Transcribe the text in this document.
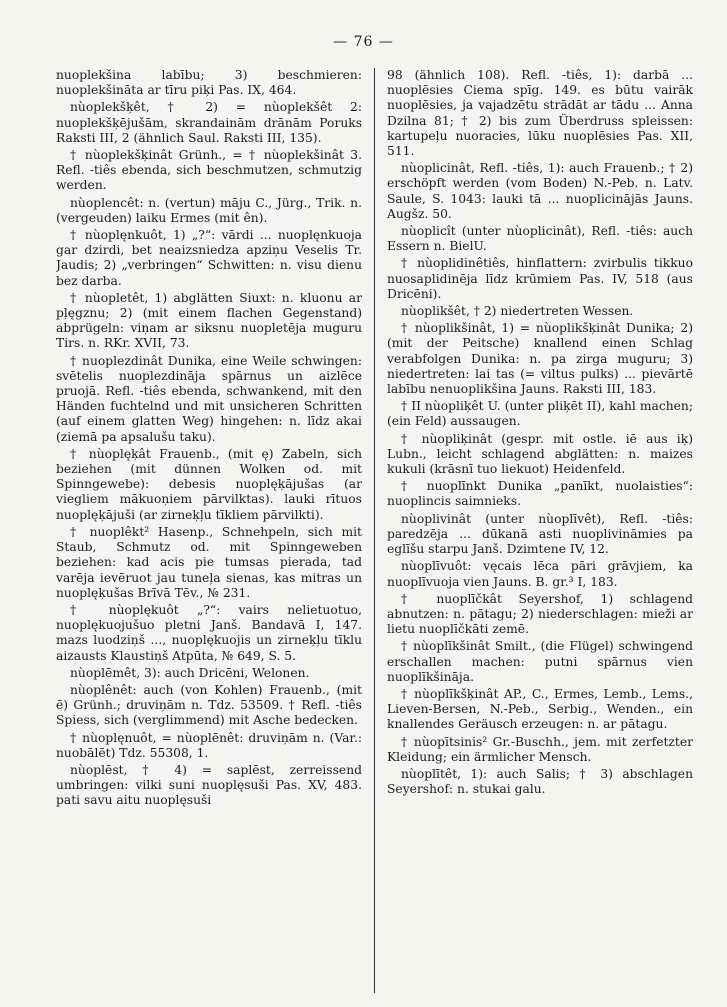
— 76 —

nuoplekšina labību; 3) beschmieren: nuoplekšināta ar tīru piķi Pas. IX, 464.

nùoplekšķêt, † 2) = nùoplekšêt 2: nuoplekšķējušām, skrandainām drānām Poruks Raksti III, 2 (ähnlich Saul. Raksti III, 135).

† nùoplekšķinât Grünh., = † nùoplekšinât 3. Refl. -tiês ebenda, sich beschmutzen, schmutzig werden.

nùoplencêt: n. (vertun) māju C., Jürg., Trik. n. (vergeuden) laiku Ermes (mit ên).

† nùoplęnkuôt, 1) „?“: vārdi ... nuoplęnkuoja gar dzirdi, bet neaizsniedza apziņu Veselis Tr. Jaudis; 2) „verbringen“ Schwitten: n. visu dienu bez darba.

† nùopletêt, 1) abglätten Siuxt: n. kluonu ar pļęgznu; 2) (mit einem flachen Gegenstand) abprügeln: viņam ar siksnu nuopletēja muguru Tirs. n. RKr. XVII, 73.

† nuoplezdinât Dunika, eine Weile schwingen: svētelis nuoplezdināja spārnus un aizlēce pruojā. Refl. -tiês ebenda, schwankend, mit den Händen fuchtelnd und mit unsicheren Schritten (auf einem glatten Weg) hingehen: n. līdz akai (ziemā pa apsalušu taku).

† nùoplęķât Frauenb., (mit ę) Zabeln, sich beziehen (mit dünnen Wolken od. mit Spinngewebe): debesis nuoplęķājušas (ar viegliem mākuoņiem pārvilktas). lauki rītuos nuoplęķājuši (ar zirneķļu tīkliem pārvilkti).

† nuoplêkt² Hasenp., Schnehpeln, sich mit Staub, Schmutz od. mit Spinngeweben beziehen: kad acis pie tumsas pierada, tad varēja ievēruot jau tuneļa sienas, kas mitras un nuoplęķušas Brīvā Tēv., № 231.

† nùoplękuôt „?“: vairs nelietuotuo, nuoplękuojušuo pletni Janš. Bandavā I, 147. mazs luodziņš ..., nuoplękuojis un zirneķļu tīklu aizausts Klaustiņš Atpūta, № 649, S. 5.

nùoplēmêt, 3): auch Dricēni, Welonen.

nùoplênêt: auch (von Kohlen) Frauenb., (mit ē) Grünh.; druviņām n. Tdz. 53509. † Refl. -tiês Spiess, sich (verglimmend) mit Asche bedecken.

† nùoplęnuôt, = nùoplēnêt: druviņām n. (Var.: nuobālēt) Tdz. 55308, 1.

nùoplēst, † 4) = saplēst, zerreissend umbringen: vilki suni nuoplęsuši Pas. XV, 483. pati savu aitu nuoplęsuši

98 (ähnlich 108). Refl. -tiês, 1): darbā ... nuoplēsies Ciema spīg. 149. es būtu vairāk nuoplēsies, ja vajadzētu strādāt ar tādu ... Anna Dzilna 81; † 2) bis zum Überdruss spleissen: kartupeļu nuoracies, lūku nuoplēsies Pas. XII, 511.

nùoplicinât, Refl. -tiês, 1): auch Frauenb.; † 2) erschöpft werden (vom Boden) N.-Peb. n. Latv. Saule, S. 1043: lauki tā ... nuoplicinājās Jauns. Augšz. 50.

nùoplicît (unter nùoplicinât), Refl. -tiês: auch Essern n. BielU.

† nùoplidinêtiês, hinflattern: zvirbulis tikkuo nuosaplidinēja līdz krūmiem Pas. IV, 518 (aus Dricēni).

nùoplikšêt, † 2) niedertreten Wessen.

† nùoplikšinât, 1) = nùoplikšķinât Dunika; 2) (mit der Peitsche) knallend einen Schlag verabfolgen Dunika: n. pa zirga muguru; 3) niedertreten: lai tas (= viltus pulks) ... pievārtē labību nenuoplikšina Jauns. Raksti III, 183.

† II nùopliķêt U. (unter pliķēt II), kahl machen; (ein Feld) aussaugen.

† nùopliķinât (gespr. mit ostle. iē aus iķ) Lubn., leicht schlagend abglätten: n. maizes kukuli (krāsnī tuo liekuot) Heidenfeld.

† nuoplīnkt Dunika „panīkt, nuolaisties“: nuoplincis saimnieks.

nùoplivinât (unter nùoplīvêt), Refl. -tiês: paredzēja ... dūkanā asti nuoplivināmies pa eglīšu starpu Janš. Dzimtene IV, 12.

nùoplīvuôt: vęcais lēca pāri grāvjiem, ka nuoplīvuoja vien Jauns. B. gr.³ I, 183.

† nuoplīčkât Seyershof, 1) schlagend abnutzen: n. pātagu; 2) niederschlagen: mieži ar lietu nuoplīčkāti zemē.

† nùoplīkšinât Smilt., (die Flügel) schwingend erschallen machen: putni spārnus vien nuoplīkšināja.

† nùoplīkšķinât AP., C., Ermes, Lemb., Lems., Lieven-Bersen, N.-Peb., Serbig., Wenden., ein knallendes Geräusch erzeugen: n. ar pātagu.

† nùopītsinis² Gr.-Buschh., jem. mit zerfetzter Kleidung; ein ärmlicher Mensch.

nùoplītêt, 1): auch Salis; † 3) abschlagen Seyershof: n. stukai galu.
